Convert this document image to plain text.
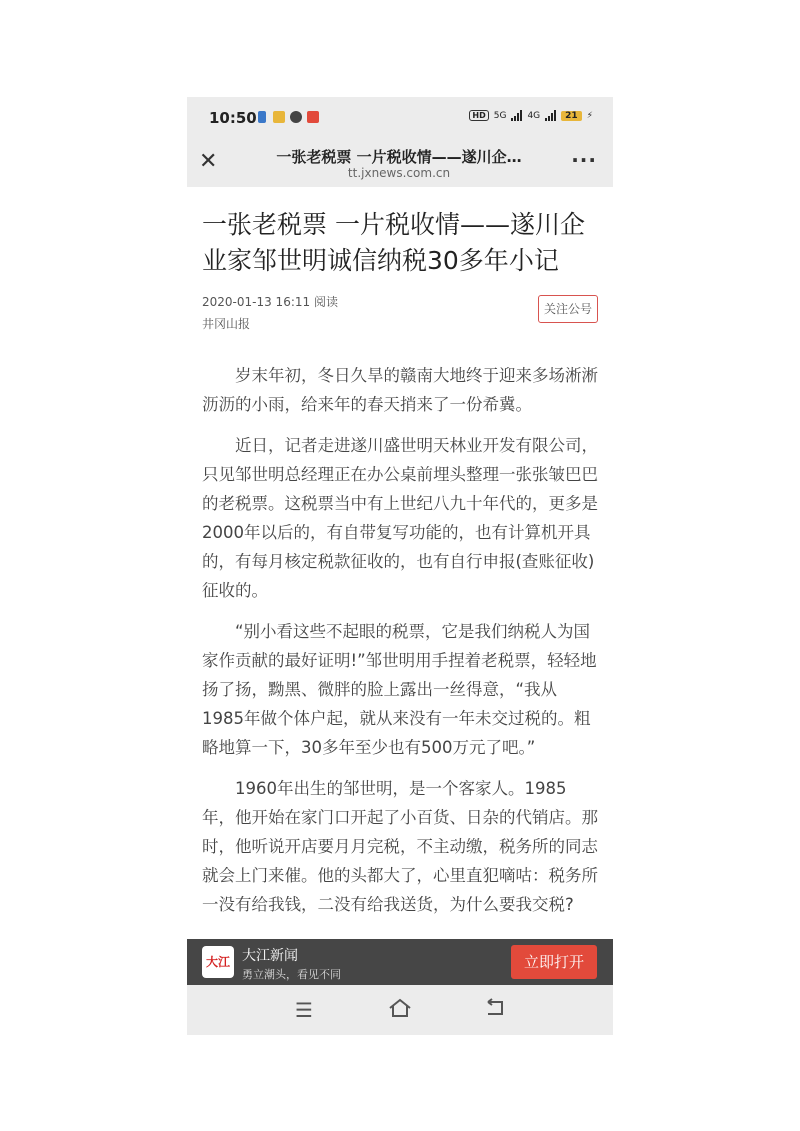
10:50	HD 5G 4G	21	⚡
✕	一张老税票 一片税收情——遂川企…
tt.jxnews.com.cn
···
一张老税票 一片税收情——遂川企业家邹世明诚信纳税30多年小记
2020-01-13 16:11 阅读
井冈山报
关注公号

岁末年初，冬日久旱的赣南大地终于迎来多场淅淅沥沥的小雨，给来年的春天捎来了一份希冀。

近日，记者走进遂川盛世明天林业开发有限公司，只见邹世明总经理正在办公桌前埋头整理一张张皱巴巴的老税票。这税票当中有上世纪八九十年代的，更多是2000年以后的，有自带复写功能的，也有计算机开具的，有每月核定税款征收的，也有自行申报(查账征收)征收的。

“别小看这些不起眼的税票，它是我们纳税人为国家作贡献的最好证明!”邹世明用手捏着老税票，轻轻地扬了扬，黝黑、微胖的脸上露出一丝得意，“我从1985年做个体户起，就从来没有一年未交过税的。粗略地算一下，30多年至少也有500万元了吧。”

1960年出生的邹世明，是一个客家人。1985年，他开始在家门口开起了小百货、日杂的代销店。那时，他听说开店要月月完税，不主动缴，税务所的同志就会上门来催。他的头都大了，心里直犯嘀咕：税务所一没有给我钱，二没有给我送货，为什么要我交税?

大江 大江新闻
勇立潮头，看见不同
立即打开
☰
